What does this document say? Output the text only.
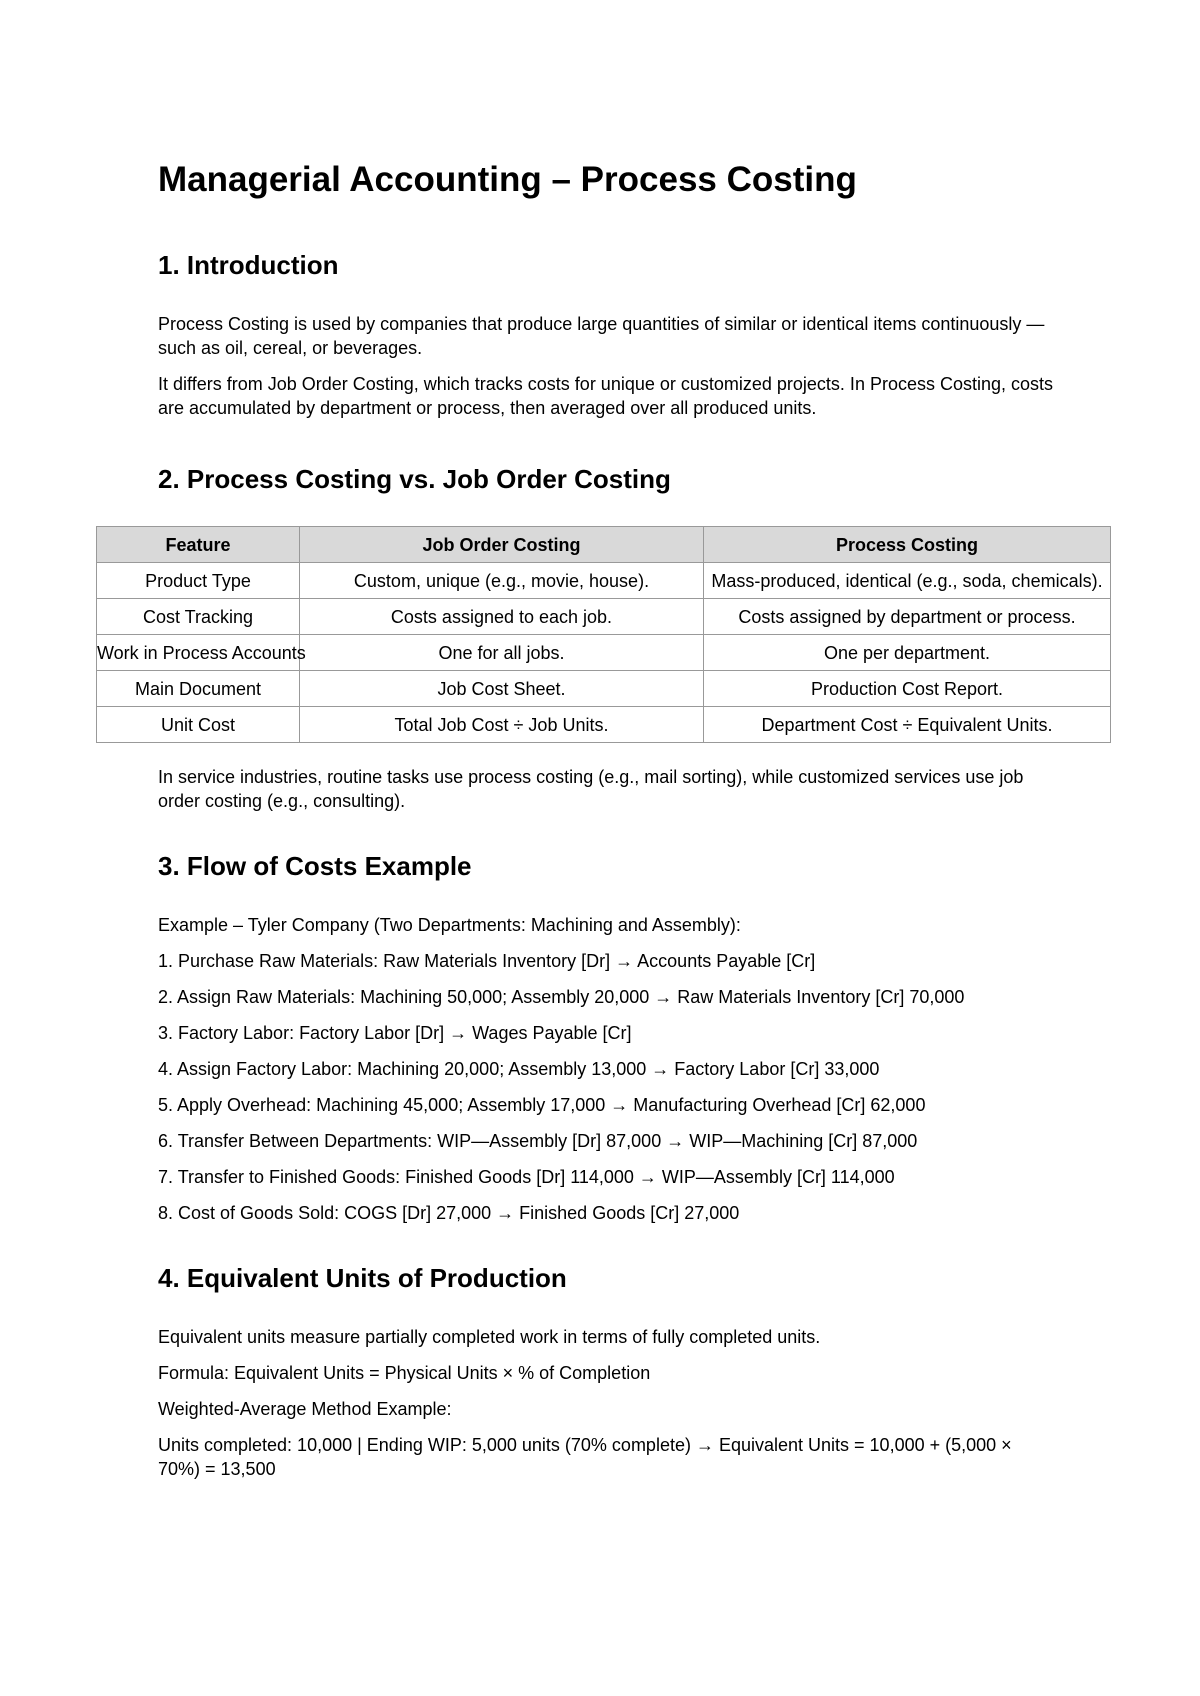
Managerial Accounting – Process Costing
1. Introduction

Process Costing is used by companies that produce large quantities of similar or identical items continuously — such as oil, cereal, or beverages.

It differs from Job Order Costing, which tracks costs for unique or customized projects. In Process Costing, costs are accumulated by department or process, then averaged over all produced units.

2. Process Costing vs. Job Order Costing
Feature	Job Order Costing	Process Costing
Product Type	Custom, unique (e.g., movie, house).	Mass-produced, identical (e.g., soda, chemicals).
Cost Tracking	Costs assigned to each job.	Costs assigned by department or process.
Work in Process Accounts	One for all jobs.	One per department.
Main Document	Job Cost Sheet.	Production Cost Report.
Unit Cost	Total Job Cost ÷ Job Units.	Department Cost ÷ Equivalent Units.

In service industries, routine tasks use process costing (e.g., mail sorting), while customized services use job order costing (e.g., consulting).

3. Flow of Costs Example

Example – Tyler Company (Two Departments: Machining and Assembly):

1. Purchase Raw Materials: Raw Materials Inventory [Dr] → Accounts Payable [Cr]

2. Assign Raw Materials: Machining 50,000; Assembly 20,000 → Raw Materials Inventory [Cr] 70,000

3. Factory Labor: Factory Labor [Dr] → Wages Payable [Cr]

4. Assign Factory Labor: Machining 20,000; Assembly 13,000 → Factory Labor [Cr] 33,000

5. Apply Overhead: Machining 45,000; Assembly 17,000 → Manufacturing Overhead [Cr] 62,000

6. Transfer Between Departments: WIP—Assembly [Dr] 87,000 → WIP—Machining [Cr] 87,000

7. Transfer to Finished Goods: Finished Goods [Dr] 114,000 → WIP—Assembly [Cr] 114,000

8. Cost of Goods Sold: COGS [Dr] 27,000 → Finished Goods [Cr] 27,000

4. Equivalent Units of Production

Equivalent units measure partially completed work in terms of fully completed units.

Formula: Equivalent Units = Physical Units × % of Completion

Weighted-Average Method Example:

Units completed: 10,000 | Ending WIP: 5,000 units (70% complete) → Equivalent Units = 10,000 + (5,000 × 70%) = 13,500
